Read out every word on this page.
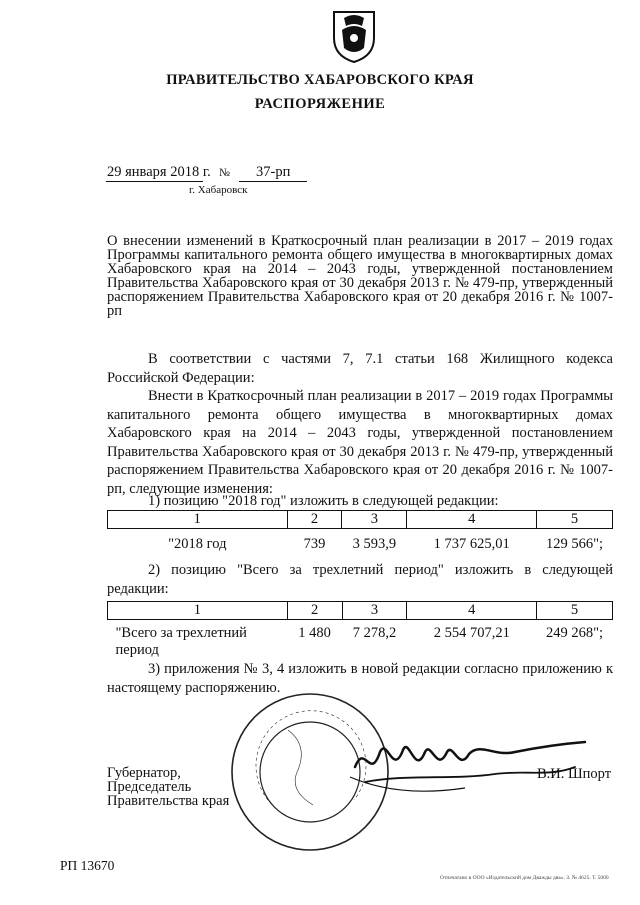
ПРАВИТЕЛЬСТВО ХАБАРОВСКОГО КРАЯ
РАСПОРЯЖЕНИЕ
29 января 2018 г. № 37-рп
г. Хабаровск
О внесении изменений в Краткосрочный план реализации в 2017 – 2019 годах Программы капитального ремонта общего имущества в многоквартирных домах Хабаровского края на 2014 – 2043 годы, утвержденной постановлением Правительства Хабаровского края от 30 декабря 2013 г. № 479-пр, утвержденный распоряжением Правительства Хабаровского края от 20 декабря 2016 г. № 1007-рп
В соответствии с частями 7, 7.1 статьи 168 Жилищного кодекса Российской Федерации:
Внести в Краткосрочный план реализации в 2017 – 2019 годах Программы капитального ремонта общего имущества в многоквартирных домах Хабаровского края на 2014 – 2043 годы, утвержденной постановлением Правительства Хабаровского края от 30 декабря 2013 г. № 479-пр, утвержденный распоряжением Правительства Хабаровского края от 20 декабря 2016 г. № 1007-рп, следующие изменения:
1) позицию "2018 год" изложить в следующей редакции:
1	2	3	4	5
"2018 год	739	3 593,9	1 737 625,01	129 566";
2) позицию "Всего за трехлетний период" изложить в следующей редакции:
1	2	3	4	5
"Всего за трехлетний период	1 480	7 278,2	2 554 707,21	249 268";
3) приложения № 3, 4 изложить в новой редакции согласно приложению к настоящему распоряжению.
Губернатор, Председатель Правительства края
В.И. Шпорт
РП 13670
Отпечатано в ООО «Издательский дом Дважды два». З. № 4625. Т. 5000
